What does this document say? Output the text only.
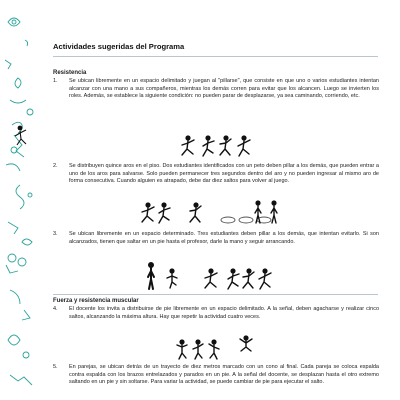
Actividades sugeridas del Programa
Resistencia
1.	Se ubican libremente en un espacio delimitado y juegan al "pillarse", que consiste en que uno o varios estudiantes intentan alcanzar con una mano a sus compañeros, mientras los demás corren para evitar que los alcancen. Luego se invierten los roles. Además, se establece la siguiente condición: no pueden parar de desplazarse, ya sea caminando, corriendo, etc.
2.	Se distribuyen quince aros en el piso. Dos estudiantes identificados con un peto deben pillar a los demás, que pueden entrar a uno de los aros para salvarse. Solo pueden permanecer tres segundos dentro del aro y no pueden ingresar al mismo aro de forma consecutiva. Cuando alguien es atrapado, debe dar diez saltos para volver al juego.
3.	Se ubican libremente en un espacio determinado. Tres estudiantes deben pillar a los demás, que intentan evitarlo. Si son alcanzados, tienen que saltar en un pie hasta el profesor, darle la mano y seguir arrancando.
Fuerza y resistencia muscular
4.	El docente los invita a distribuirse de pie libremente en un espacio delimitado. A la señal, deben agacharse y realizar cinco saltos, alcanzando la máxima altura. Hay que repetir la actividad cuatro veces.
5.	En parejas, se ubican detrás de un trayecto de diez metros marcado con un cono al final. Cada pareja se coloca espalda contra espalda con los brazos entrelazados y parados en un pie. A la señal del docente, se desplazan hasta el otro extremo saltando en un pie y sin soltarse. Para variar la actividad, se puede cambiar de pie para ejecutar el salto.
